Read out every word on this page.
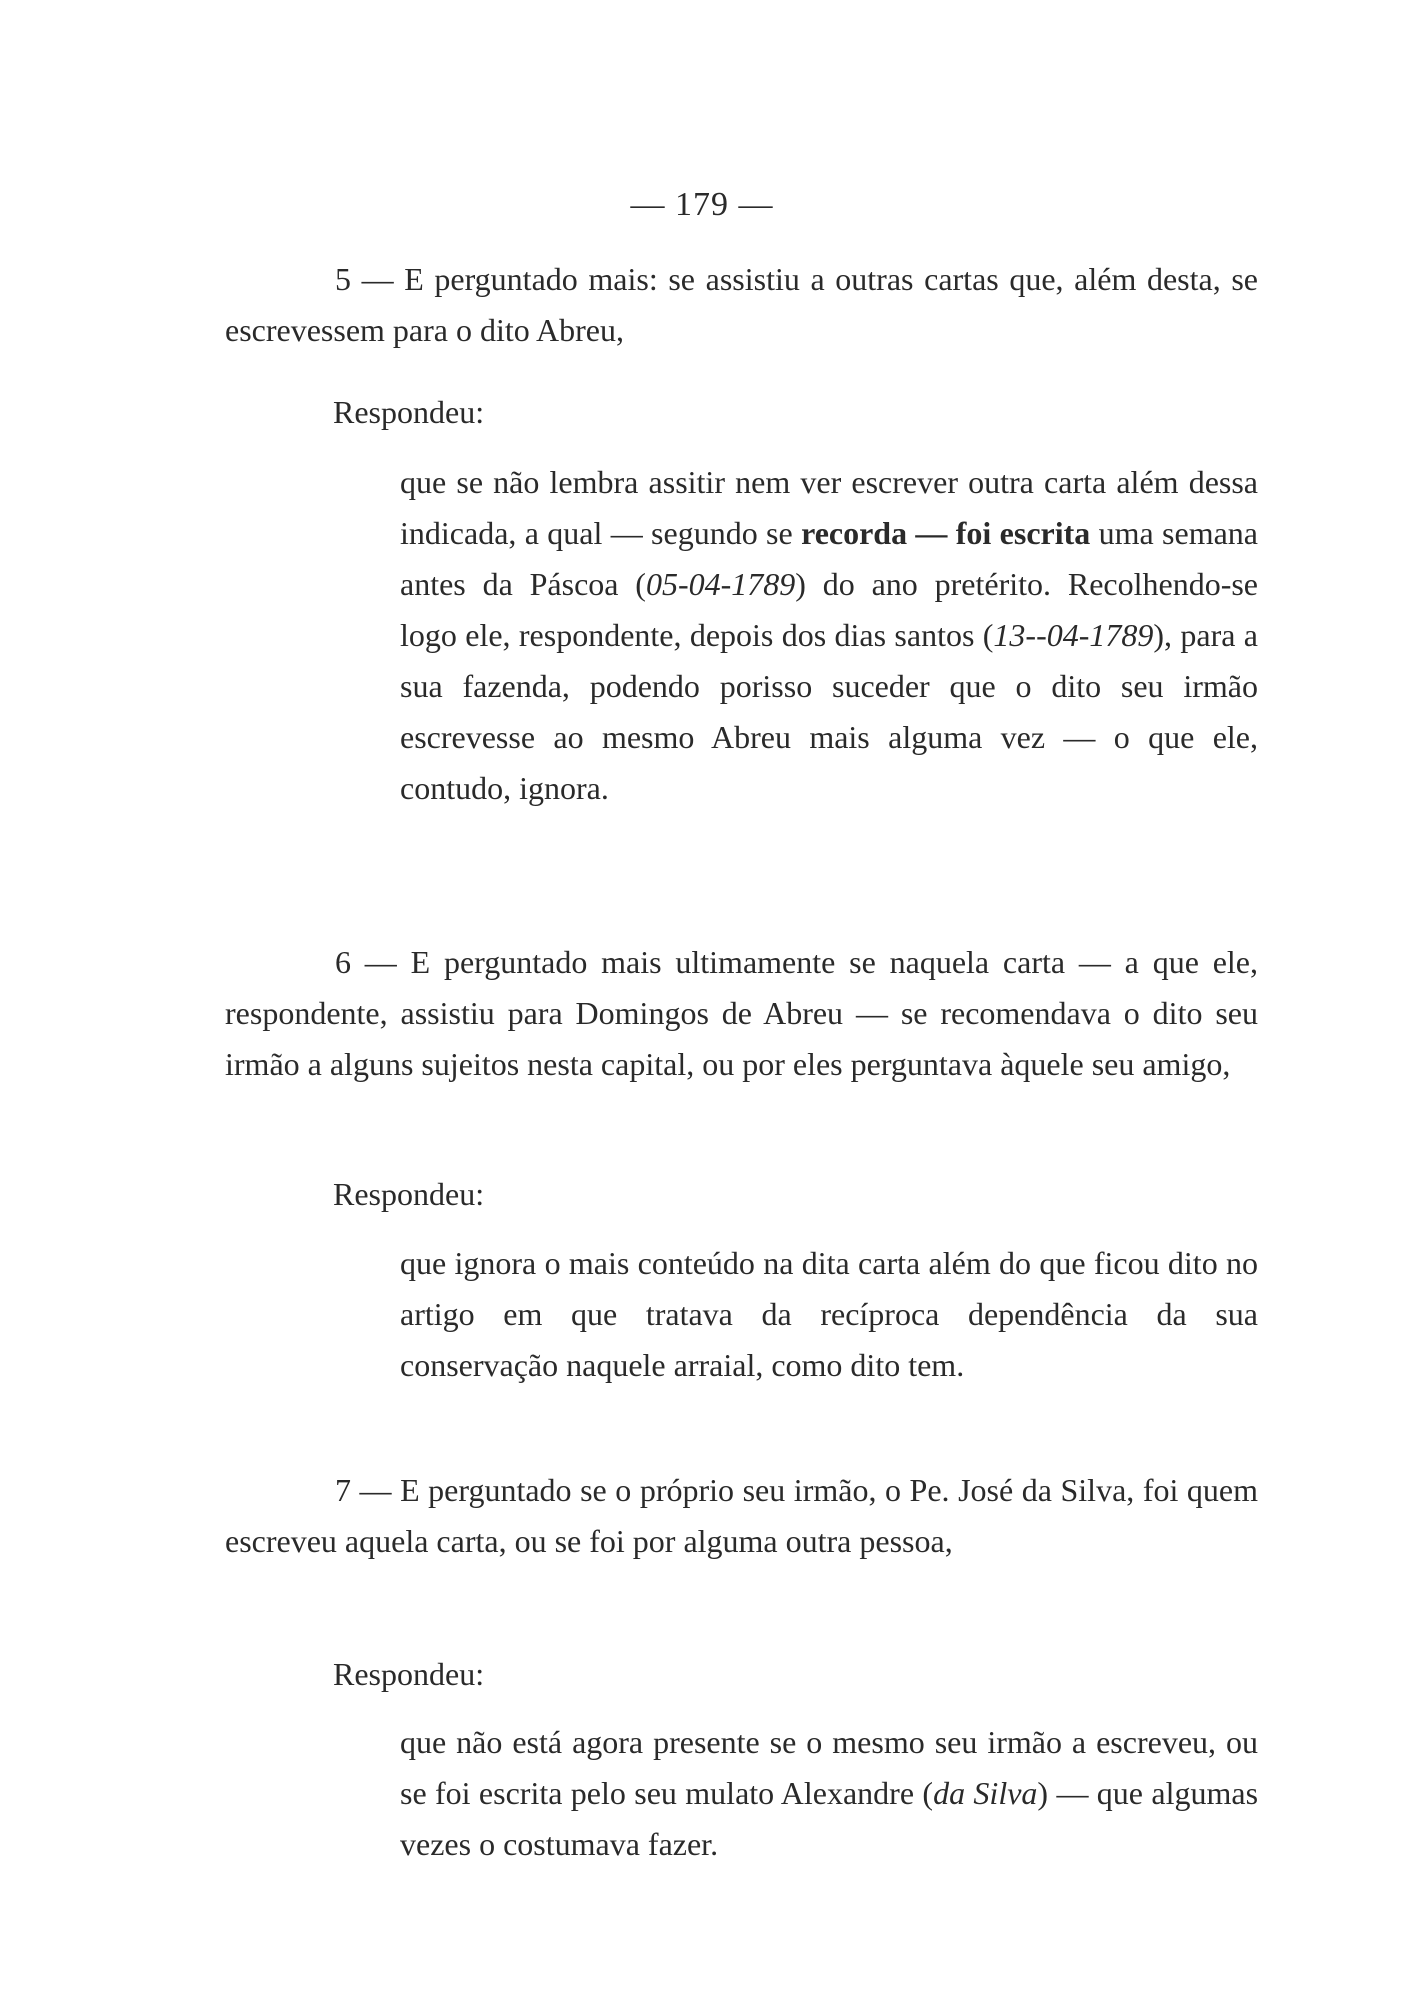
— 179 —
5 — E perguntado mais: se assistiu a outras cartas que, além desta, se escrevessem para o dito Abreu,
Respondeu:
que se não lembra assitir nem ver escrever outra carta além dessa indicada, a qual — segundo se recorda — foi escrita uma semana antes da Páscoa (05-04-1789) do ano pretérito. Recolhendo-se logo ele, respondente, depois dos dias santos (13--04-1789), para a sua fazenda, podendo porisso suceder que o dito seu irmão escrevesse ao mesmo Abreu mais alguma vez — o que ele, contudo, ignora.
6 — E perguntado mais ultimamente se naquela carta — a que ele, respondente, assistiu para Domingos de Abreu — se recomendava o dito seu irmão a alguns sujeitos nesta capital, ou por eles perguntava àquele seu amigo,
Respondeu:
que ignora o mais conteúdo na dita carta além do que ficou dito no artigo em que tratava da recíproca dependência da sua conservação naquele arraial, como dito tem.
7 — E perguntado se o próprio seu irmão, o Pe. José da Silva, foi quem escreveu aquela carta, ou se foi por alguma outra pessoa,
Respondeu:
que não está agora presente se o mesmo seu irmão a escreveu, ou se foi escrita pelo seu mulato Alexandre (da Silva) — que algumas vezes o costumava fazer.
